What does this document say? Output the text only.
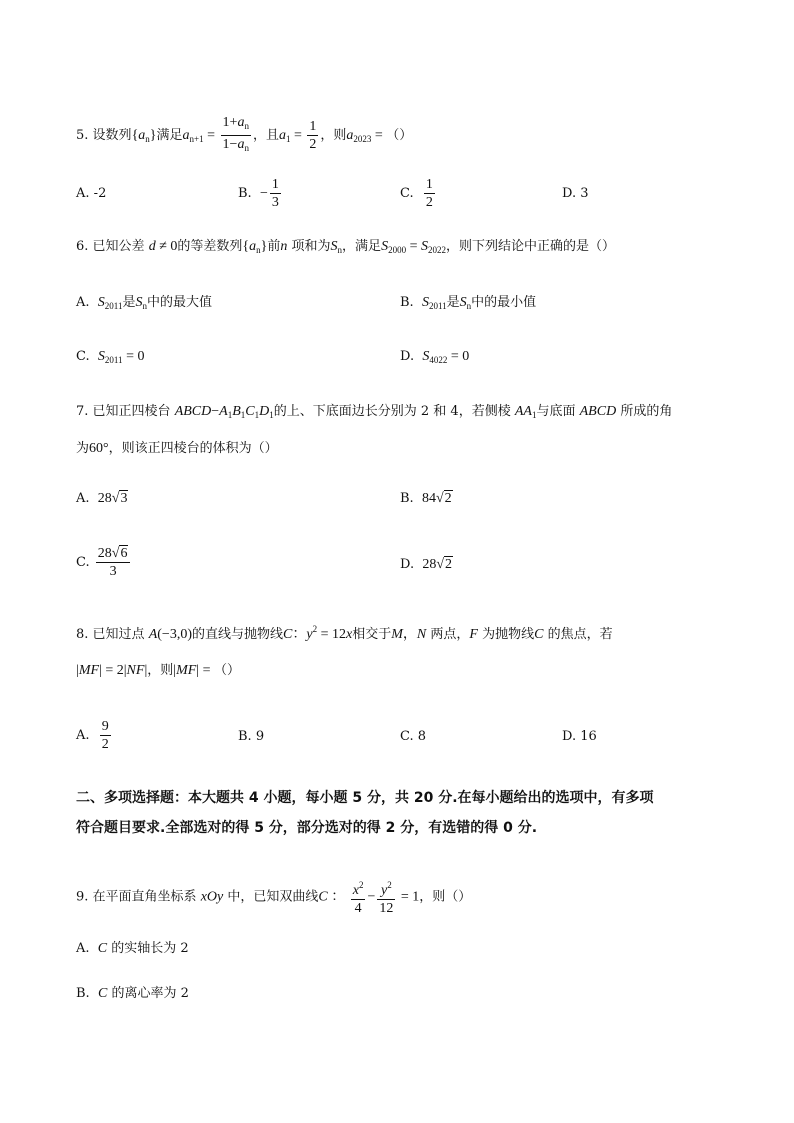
5. 设数列$\{a_n\}$满足$a_{n+1} = \frac{1+a_n}{1-a_n}$ ，且$a_1 = \frac{1}{2}$ ，则$a_{2023}$ = （）
A. -2	B. − $\frac{1}{3}$	C. $\frac{1}{2}$	D. 3
6. 已知公差 d ≠ 0的等差数列$\{a_n\}$前n 项和为$S_n$，满足$S_{2000} = S_{2022}$，则下列结论中正确的是（）
A. $S_{2011}$是$S_n$中的最大值	B. $S_{2011}$是$S_n$中的最小值
C. $S_{2011} = 0$	D. $S_{4022} = 0$
7. 已知正四棱台 $ABCD-A_1B_1C_1D_1$的上、下底面边长分别为 2 和 4，若侧棱 $AA_1$与底面 ABCD 所成的角
为60°，则该正四棱台的体积为（）
A. 28√3	B. 84√2
C. $\frac{28√6}{3}$	D. 28√2
8. 已知过点 A(−3,0)的直线与抛物线C：$y^2 = 12x$相交于M，N 两点，F 为抛物线C 的焦点，若
|MF| = 2|NF|，则|MF| = （）
A. $\frac{9}{2}$	B. 9	C. 8	D. 16
二、多项选择题：本大题共 4 小题，每小题 5 分，共 20 分.在每小题给出的选项中，有多项
符合题目要求.全部选对的得 5 分，部分选对的得 2 分，有选错的得 0 分.
9. 在平面直角坐标系 xOy 中，已知双曲线C ： $\frac{x^2}{4} - \frac{y^2}{12} = 1$，则（）
A. C 的实轴长为 2
B. C 的离心率为 2
